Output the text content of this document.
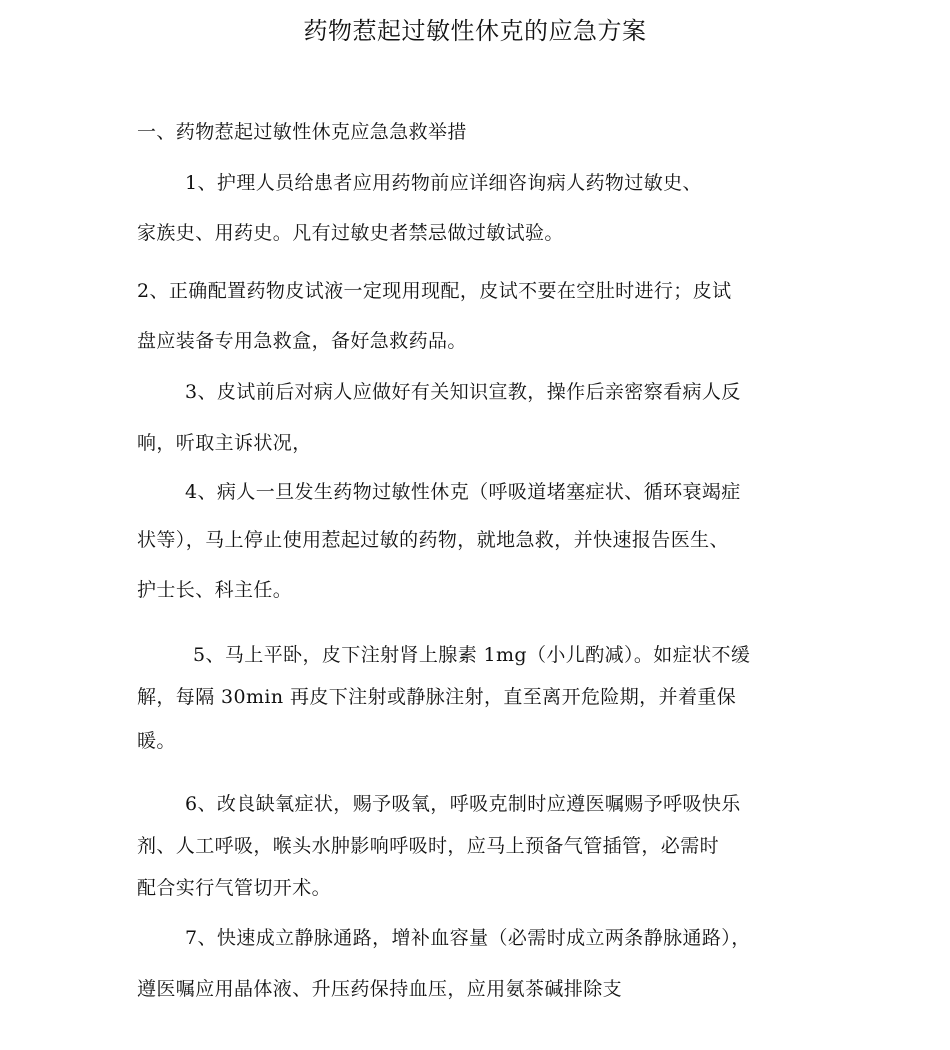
药物惹起过敏性休克的应急方案
一、药物惹起过敏性休克应急急救举措
1、护理人员给患者应用药物前应详细咨询病人药物过敏史、
家族史、用药史。凡有过敏史者禁忌做过敏试验。
2、正确配置药物皮试液一定现用现配，皮试不要在空肚时进行；皮试
盘应装备专用急救盒，备好急救药品。
3、皮试前后对病人应做好有关知识宣教，操作后亲密察看病人反
响，听取主诉状况，
4、病人一旦发生药物过敏性休克（呼吸道堵塞症状、循环衰竭症
状等），马上停止使用惹起过敏的药物，就地急救，并快速报告医生、
护士长、科主任。
5、马上平卧，皮下注射肾上腺素 1mg（小儿酌减）。如症状不缓
解，每隔 30min 再皮下注射或静脉注射，直至离开危险期，并着重保
暖。
6、改良缺氧症状，赐予吸氧，呼吸克制时应遵医嘱赐予呼吸快乐
剂、人工呼吸，喉头水肿影响呼吸时，应马上预备气管插管，必需时
配合实行气管切开术。
7、快速成立静脉通路，增补血容量（必需时成立两条静脉通路），
遵医嘱应用晶体液、升压药保持血压，应用氨茶碱排除支
